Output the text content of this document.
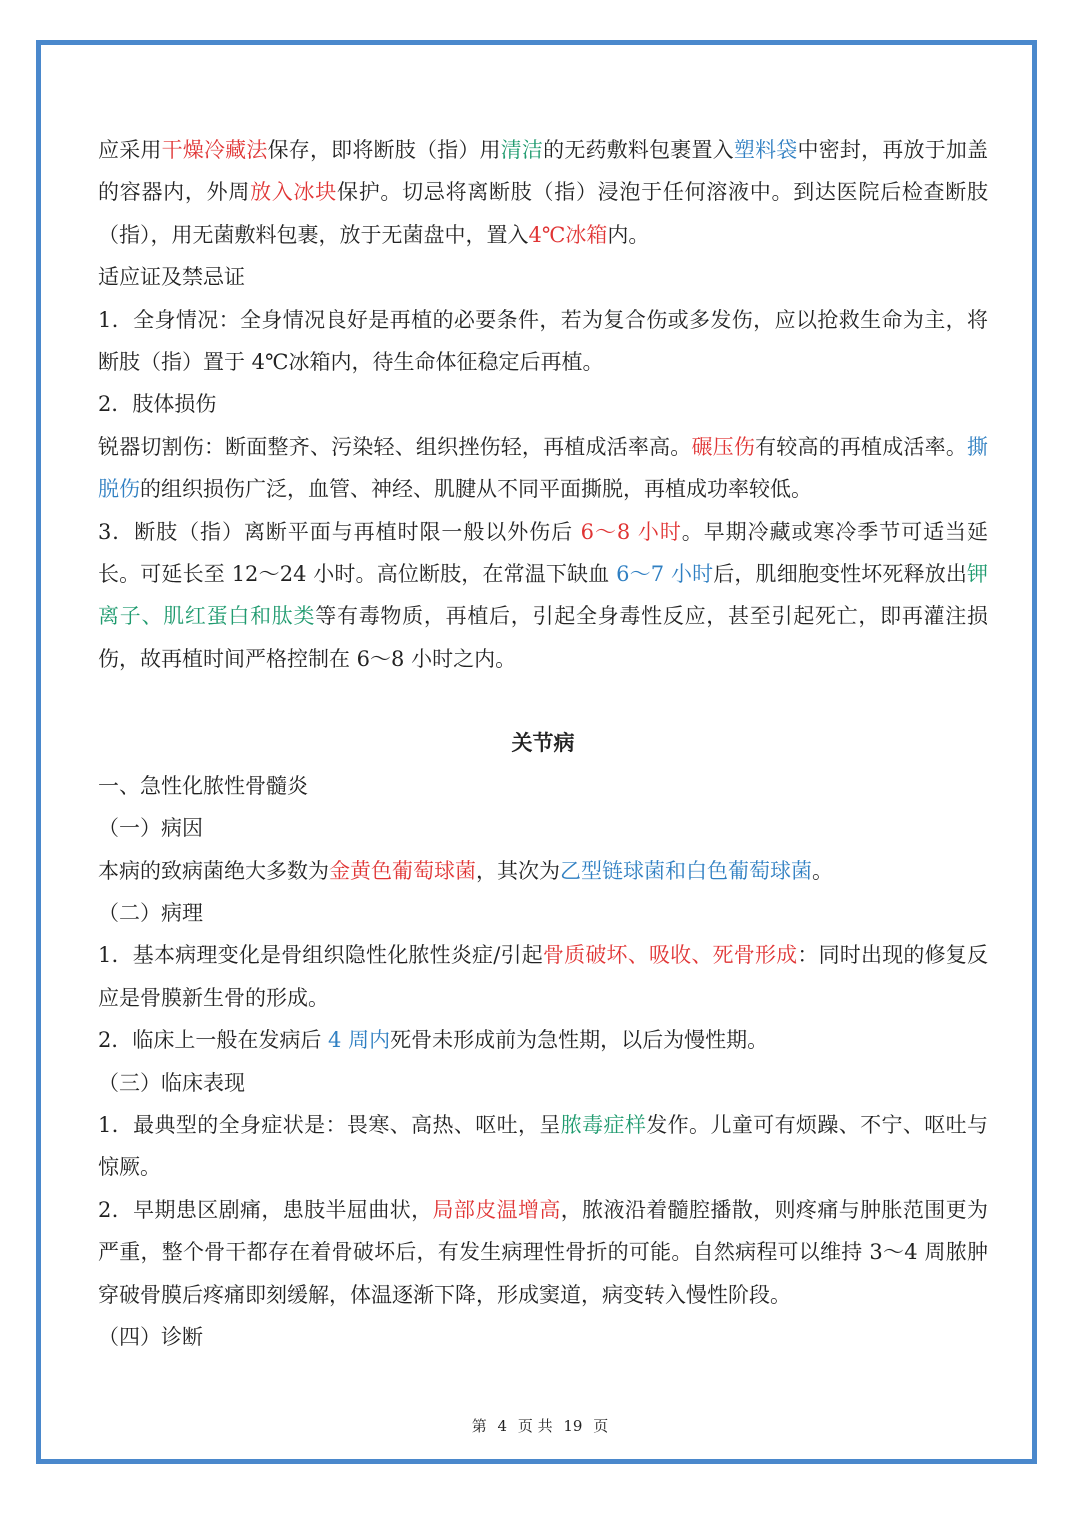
应采用干燥冷藏法保存，即将断肢（指）用清洁的无药敷料包裹置入塑料袋中密封，再放于加盖的容器内，外周放入冰块保护。切忌将离断肢（指）浸泡于任何溶液中。到达医院后检查断肢（指），用无菌敷料包裹，放于无菌盘中，置入4℃冰箱内。

适应证及禁忌证

1．全身情况：全身情况良好是再植的必要条件，若为复合伤或多发伤，应以抢救生命为主，将断肢（指）置于 4℃冰箱内，待生命体征稳定后再植。

2．肢体损伤

锐器切割伤：断面整齐、污染轻、组织挫伤轻，再植成活率高。碾压伤有较高的再植成活率。撕脱伤的组织损伤广泛，血管、神经、肌腱从不同平面撕脱，再植成功率较低。

3．断肢（指）离断平面与再植时限一般以外伤后 6～8 小时。早期冷藏或寒冷季节可适当延长。可延长至 12～24 小时。高位断肢，在常温下缺血 6～7 小时后，肌细胞变性坏死释放出钾离子、肌红蛋白和肽类等有毒物质，再植后，引起全身毒性反应，甚至引起死亡，即再灌注损伤，故再植时间严格控制在 6～8 小时之内。

关节病

一、急性化脓性骨髓炎

（一）病因

本病的致病菌绝大多数为金黄色葡萄球菌，其次为乙型链球菌和白色葡萄球菌。

（二）病理

1．基本病理变化是骨组织隐性化脓性炎症/引起骨质破坏、吸收、死骨形成：同时出现的修复反应是骨膜新生骨的形成。

2．临床上一般在发病后 4 周内死骨未形成前为急性期，以后为慢性期。

（三）临床表现

1．最典型的全身症状是：畏寒、高热、呕吐，呈脓毒症样发作。儿童可有烦躁、不宁、呕吐与惊厥。

2．早期患区剧痛，患肢半屈曲状，局部皮温增高，脓液沿着髓腔播散，则疼痛与肿胀范围更为严重，整个骨干都存在着骨破坏后，有发生病理性骨折的可能。自然病程可以维持 3～4 周脓肿穿破骨膜后疼痛即刻缓解，体温逐渐下降，形成窦道，病变转入慢性阶段。

（四）诊断

第 4 页 共 19 页
